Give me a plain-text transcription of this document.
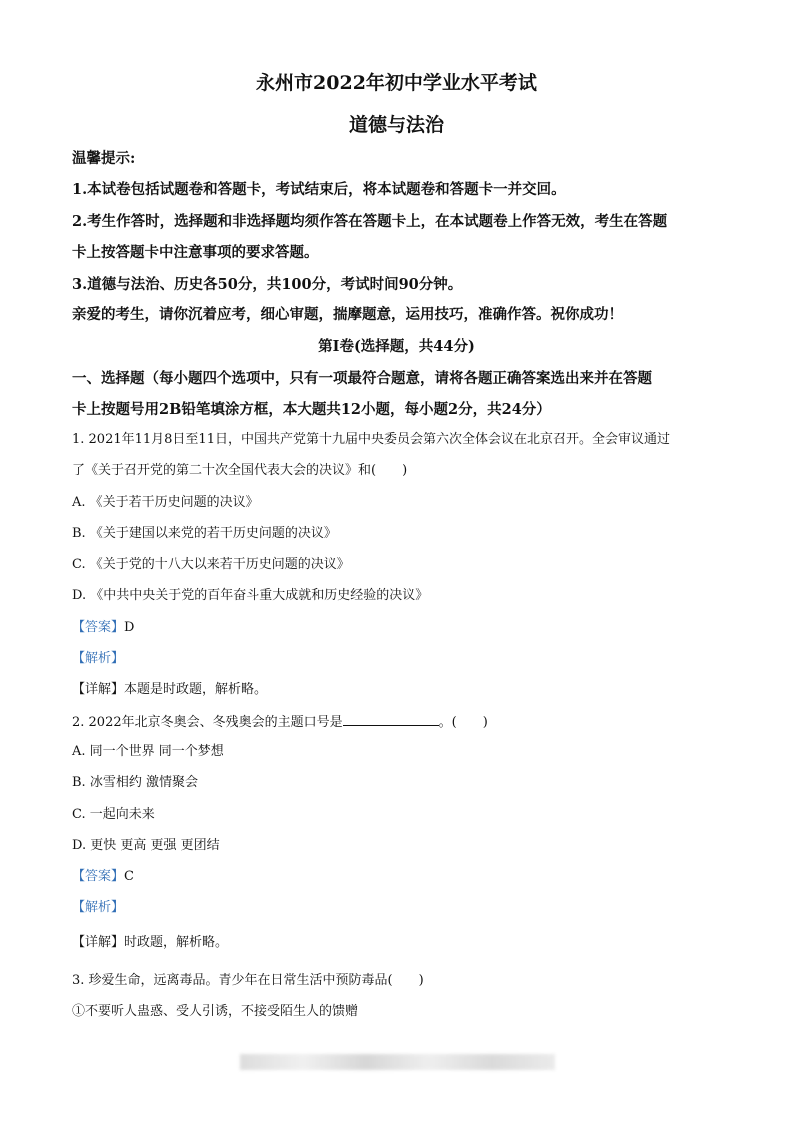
永州市2022年初中学业水平考试
道德与法治
温馨提示:
1.本试卷包括试题卷和答题卡，考试结束后，将本试题卷和答题卡一并交回。
2.考生作答时，选择题和非选择题均须作答在答题卡上，在本试题卷上作答无效，考生在答题
卡上按答题卡中注意事项的要求答题。
3.道德与法治、历史各50分，共100分，考试时间90分钟。
亲爱的考生，请你沉着应考，细心审题，揣摩题意，运用技巧，准确作答。祝你成功！
第Ⅰ卷(选择题，共44分)
一、选择题（每小题四个选项中，只有一项最符合题意，请将各题正确答案选出来并在答题
卡上按题号用2B铅笔填涂方框，本大题共12小题，每小题2分，共24分）
1. 2021年11月8日至11日，中国共产党第十九届中央委员会第六次全体会议在北京召开。全会审议通过
了《关于召开党的第二十次全国代表大会的决议》和(　　)
A. 《关于若干历史问题的决议》
B. 《关于建国以来党的若干历史问题的决议》
C. 《关于党的十八大以来若干历史问题的决议》
D. 《中共中央关于党的百年奋斗重大成就和历史经验的决议》
【答案】D
【解析】
【详解】本题是时政题，解析略。
2. 2022年北京冬奥会、冬残奥会的主题口号是	。(　　)
A. 同一个世界 同一个梦想
B. 冰雪相约 激情聚会
C. 一起向未来
D. 更快 更高 更强 更团结
【答案】C
【解析】
【详解】时政题，解析略。
3. 珍爱生命，远离毒品。青少年在日常生活中预防毒品(　　)
①不要听人蛊惑、受人引诱，不接受陌生人的馈赠
